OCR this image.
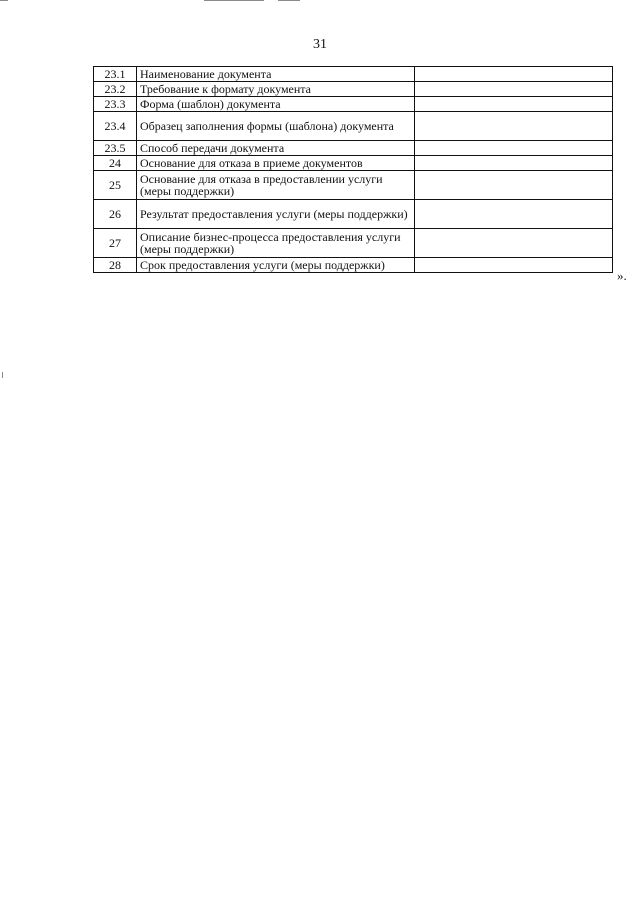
31
23.1	Наименование документа	
23.2	Требование к формату документа	
23.3	Форма (шаблон) документа	
23.4	Образец заполнения формы (шаблона) документа	
23.5	Способ передачи документа	
24	Основание для отказа в приеме документов	
25	Основание для отказа в предоставлении услуги (меры поддержки)	
26	Результат предоставления услуги (меры поддержки)	
27	Описание бизнес-процесса предоставления услуги (меры поддержки)	
28	Срок предоставления услуги (меры поддержки)	
».
